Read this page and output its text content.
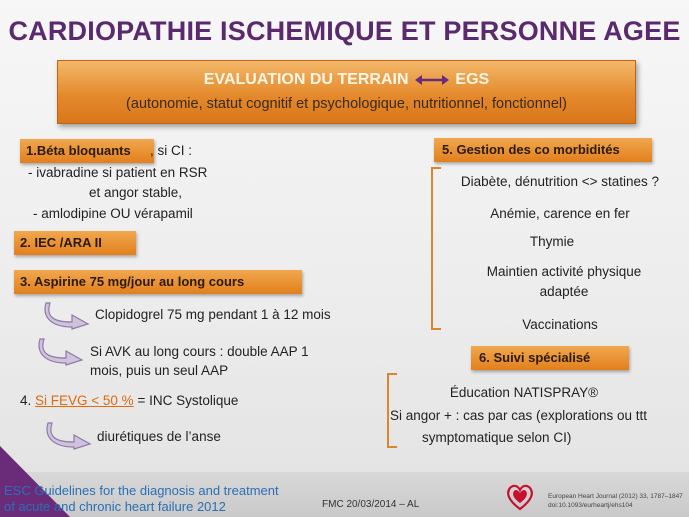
CARDIOPATHIE ISCHEMIQUE ET PERSONNE AGEE
EVALUATION DU TERRAIN	EGS
(autonomie, statut cognitif et psychologique, nutritionnel, fonctionnel)
1.Béta bloquants	, si CI :
- ivabradine si patient en RSR
et angor stable,
- amlodipine OU vérapamil
2. IEC /ARA II
3. Aspirine 75 mg/jour au long cours
Clopidogrel 75 mg pendant 1 à 12 mois
Si AVK au long cours : double AAP 1
mois, puis un seul AAP
4. Si FEVG < 50 % = INC Systolique
diurétiques de l’anse
5. Gestion des co morbidités
Diabète, dénutrition <> statines ?
Anémie, carence en fer
Thymie
Maintien activité physique
adaptée
Vaccinations
6. Suivi spécialisé
Éducation NATISPRAY®
Si angor + : cas par cas (explorations ou ttt
symptomatique selon CI)
ESC Guidelines for the diagnosis and treatment
of acute and chronic heart failure 2012	FMC 20/03/2014 – AL
European Heart Journal (2012) 33, 1787–1847
doi:10.1093/eurheartj/ehs104
